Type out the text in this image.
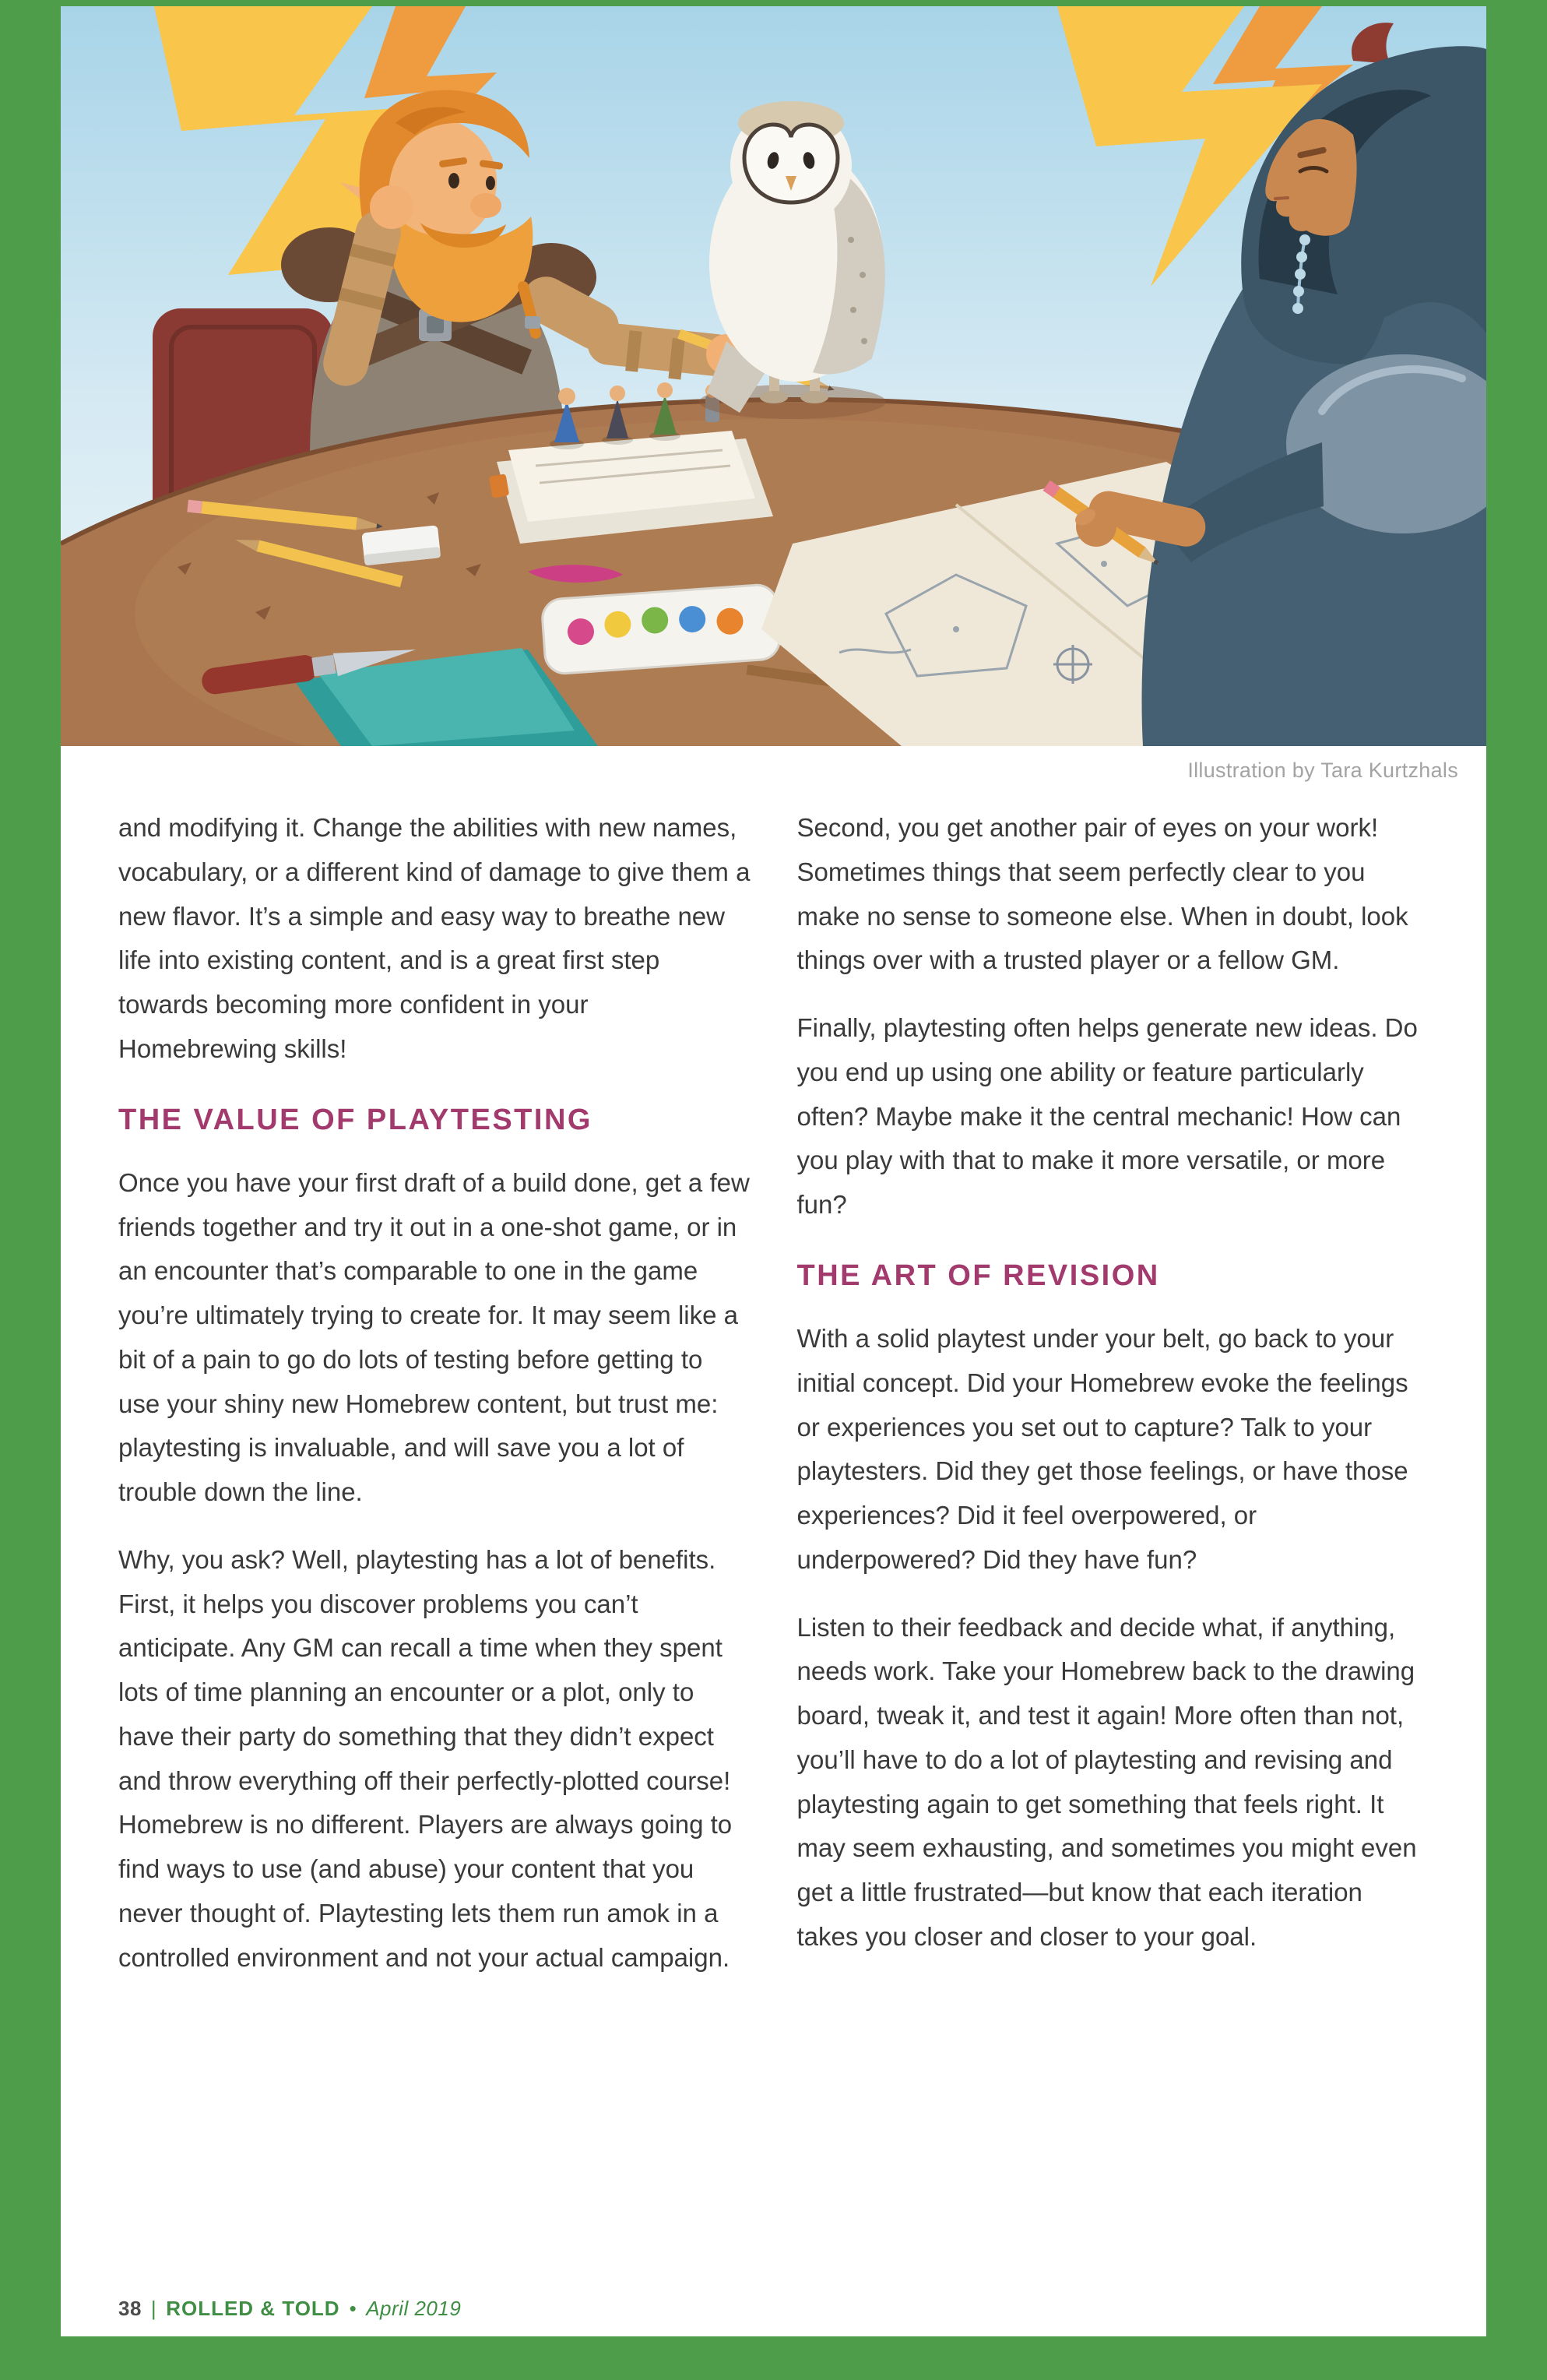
Illustration by Tara Kurtzhals

and modifying it. Change the abilities with new names, vocabulary, or a different kind of damage to give them a new flavor. It’s a simple and easy way to breathe new life into existing content, and is a great first step towards becoming more confident in your Homebrewing skills!

THE VALUE OF PLAYTESTING

Once you have your first draft of a build done, get a few friends together and try it out in a one-shot game, or in an encounter that’s comparable to one in the game you’re ultimately trying to create for. It may seem like a bit of a pain to go do lots of testing before getting to use your shiny new Homebrew content, but trust me: playtesting is invaluable, and will save you a lot of trouble down the line.

Why, you ask? Well, playtesting has a lot of benefits. First, it helps you discover problems you can’t anticipate. Any GM can recall a time when they spent lots of time planning an encounter or a plot, only to have their party do something that they didn’t expect and throw everything off their perfectly-plotted course! Homebrew is no different. Players are always going to find ways to use (and abuse) your content that you never thought of. Playtesting lets them run amok in a controlled environment and not your actual campaign.

Second, you get another pair of eyes on your work! Sometimes things that seem perfectly clear to you make no sense to someone else. When in doubt, look things over with a trusted player or a fellow GM.

Finally, playtesting often helps generate new ideas. Do you end up using one ability or feature particularly often? Maybe make it the central mechanic! How can you play with that to make it more versatile, or more fun?

THE ART OF REVISION

With a solid playtest under your belt, go back to your initial concept. Did your Homebrew evoke the feelings or experiences you set out to capture? Talk to your playtesters. Did they get those feelings, or have those experiences? Did it feel overpowered, or underpowered? Did they have fun?

Listen to their feedback and decide what, if anything, needs work. Take your Homebrew back to the drawing board, tweak it, and test it again! More often than not, you’ll have to do a lot of playtesting and revising and playtesting again to get something that feels right. It may seem exhausting, and sometimes you might even get a little frustrated—but know that each iteration takes you closer and closer to your goal.

38 | ROLLED & TOLD • April 2019
